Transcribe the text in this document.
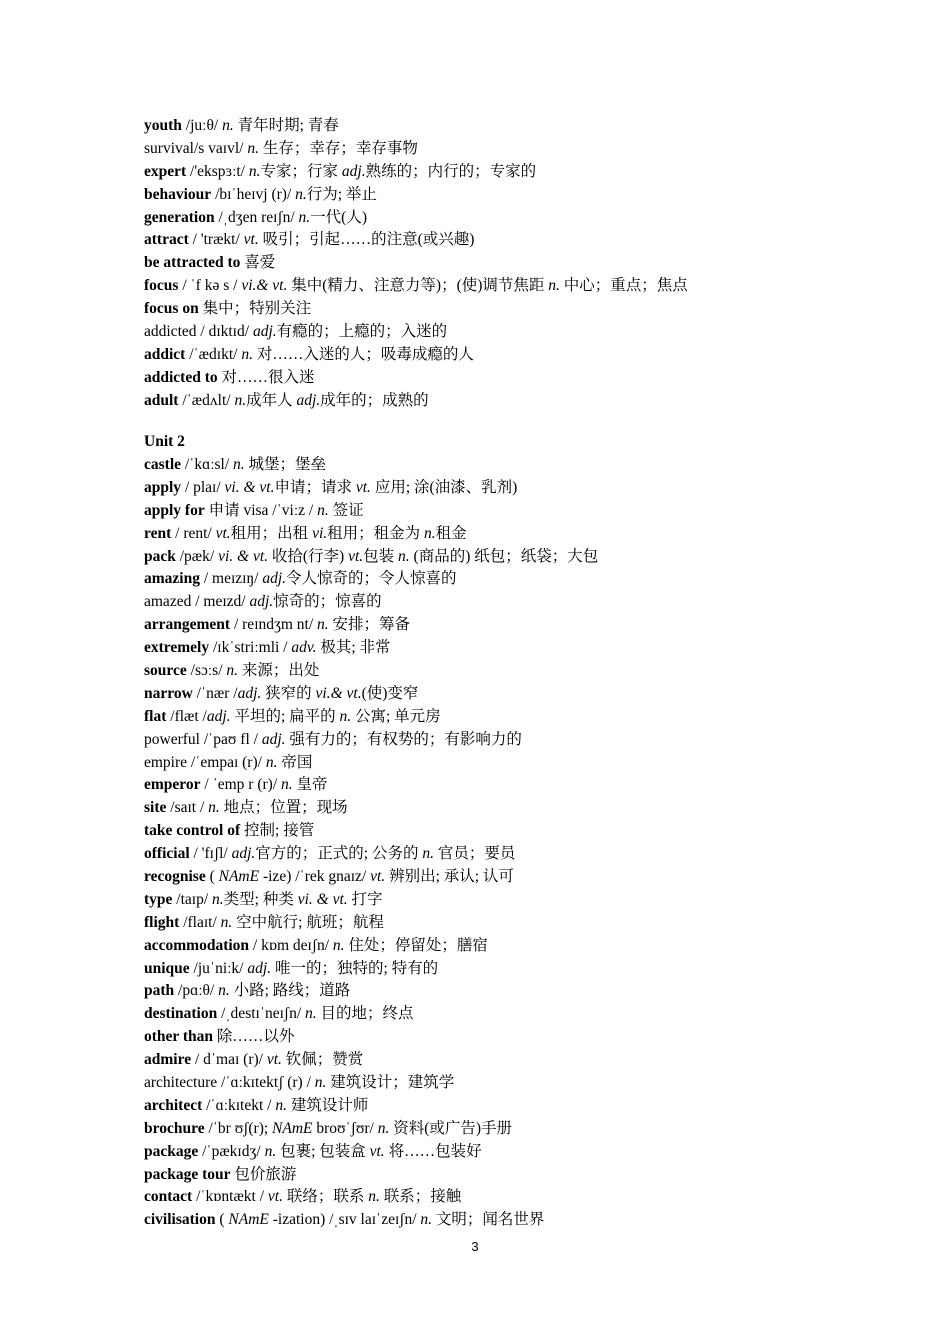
youth /juːθ/ n. 青年时期; 青春
survival/s vaɪvl/ n. 生存；幸存；幸存事物
expert /'ekspɜːt/ n.专家；行家 adj.熟练的；内行的；专家的
behaviour /bɪˈheɪvj (r)/ n.行为; 举止
generation /ˌdʒen reɪʃn/ n.一代(人)
attract / 'trækt/ vt. 吸引；引起……的注意(或兴趣)
be attracted to 喜爱
focus / ˈf kə s / vi.& vt. 集中(精力、注意力等)；(使)调节焦距 n. 中心；重点；焦点
focus on 集中；特别关注
addicted / dɪktɪd/ adj.有瘾的；上瘾的；入迷的
addict /ˈædɪkt/ n. 对……入迷的人；吸毒成瘾的人
addicted to 对……很入迷
adult /ˈædʌlt/ n.成年人 adj.成年的；成熟的
Unit 2
castle /ˈkɑːsl/ n. 城堡；堡垒
apply / plaɪ/ vi. & vt.申请；请求 vt. 应用; 涂(油漆、乳剂)
apply for 申请 visa /ˈviːz / n. 签证
rent / rent/ vt.租用；出租 vi.租用；租金为 n.租金
pack /pæk/ vi. & vt. 收拾(行李) vt.包装 n. (商品的) 纸包；纸袋；大包
amazing / meɪzɪŋ/ adj.令人惊奇的；令人惊喜的
amazed / meɪzd/ adj.惊奇的；惊喜的
arrangement / reɪndʒm nt/ n. 安排；筹备
extremely /ɪkˈstriːmli / adv. 极其; 非常
source /sɔːs/ n. 来源；出处
narrow /ˈnær /adj. 狭窄的 vi.& vt.(使)变窄
flat /flæt /adj. 平坦的; 扁平的 n. 公寓; 单元房
powerful /ˈpaʊ fl / adj. 强有力的；有权势的；有影响力的
empire /ˈempaɪ (r)/ n. 帝国
emperor / ˈemp r (r)/ n. 皇帝
site /saɪt / n. 地点；位置；现场
take control of 控制; 接管
official / 'fɪʃl/ adj.官方的；正式的; 公务的 n. 官员；要员
recognise ( NAmE -ize) /ˈrek gnaɪz/ vt. 辨别出; 承认; 认可
type /taɪp/ n.类型; 种类 vi. & vt. 打字
flight /flaɪt/ n. 空中航行; 航班；航程
accommodation / kɒm deɪʃn/ n. 住处；停留处；膳宿
unique /juˈniːk/ adj. 唯一的；独特的; 特有的
path /pɑːθ/ n. 小路; 路线；道路
destination /ˌdestɪˈneɪʃn/ n. 目的地；终点
other than 除……以外
admire / dˈmaɪ (r)/ vt. 钦佩；赞赏
architecture /ˈɑːkɪtektʃ (r) / n. 建筑设计；建筑学
architect /ˈɑːkɪtekt / n. 建筑设计师
brochure /ˈbr ʊʃ(r); NAmE broʊˈʃʊr/ n. 资料(或广告)手册
package /ˈpækɪdʒ/ n. 包裹; 包装盒 vt. 将……包装好
package tour 包价旅游
contact /ˈkɒntækt / vt. 联络；联系 n. 联系；接触
civilisation ( NAmE -ization) /ˌsɪv laɪˈzeɪʃn/ n. 文明；闻名世界
3
